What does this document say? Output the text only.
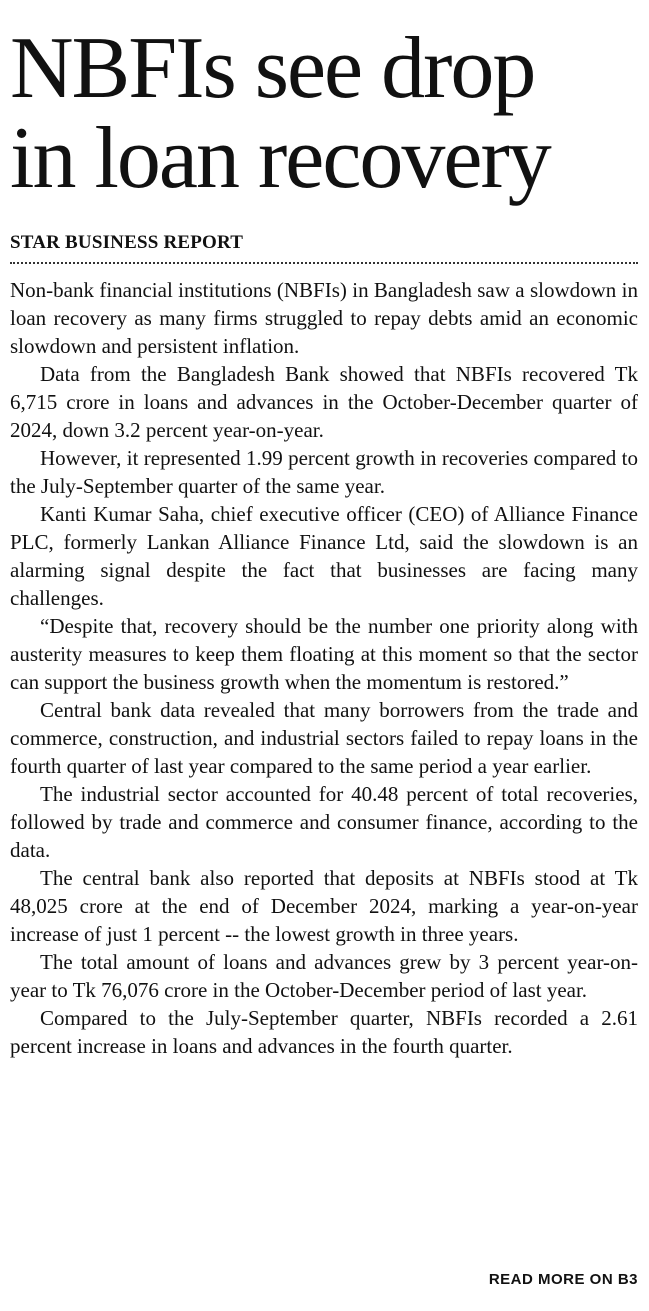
NBFIs see drop
in loan recovery
STAR BUSINESS REPORT

Non-bank financial institutions (NBFIs) in Bangladesh saw a slowdown in loan recovery as many firms struggled to repay debts amid an economic slowdown and persistent inflation.

Data from the Bangladesh Bank showed that NBFIs recovered Tk 6,715 crore in loans and advances in the October-December quarter of 2024, down 3.2 percent year-on-year.

However, it represented 1.99 percent growth in recoveries compared to the July-September quarter of the same year.

Kanti Kumar Saha, chief executive officer (CEO) of Alliance Finance PLC, formerly Lankan Alliance Finance Ltd, said the slowdown is an alarming signal despite the fact that businesses are facing many challenges.

“Despite that, recovery should be the number one priority along with austerity measures to keep them floating at this moment so that the sector can support the business growth when the momentum is restored.”

Central bank data revealed that many borrowers from the trade and commerce, construction, and industrial sectors failed to repay loans in the fourth quarter of last year compared to the same period a year earlier.

The industrial sector accounted for 40.48 percent of total recoveries, followed by trade and commerce and consumer finance, according to the data.

The central bank also reported that deposits at NBFIs stood at Tk 48,025 crore at the end of December 2024, marking a year-on-year increase of just 1 percent -- the lowest growth in three years.

The total amount of loans and advances grew by 3 percent year-on-year to Tk 76,076 crore in the October-December period of last year.

Compared to the July-September quarter, NBFIs recorded a 2.61 percent increase in loans and advances in the fourth quarter.

READ MORE ON B3
